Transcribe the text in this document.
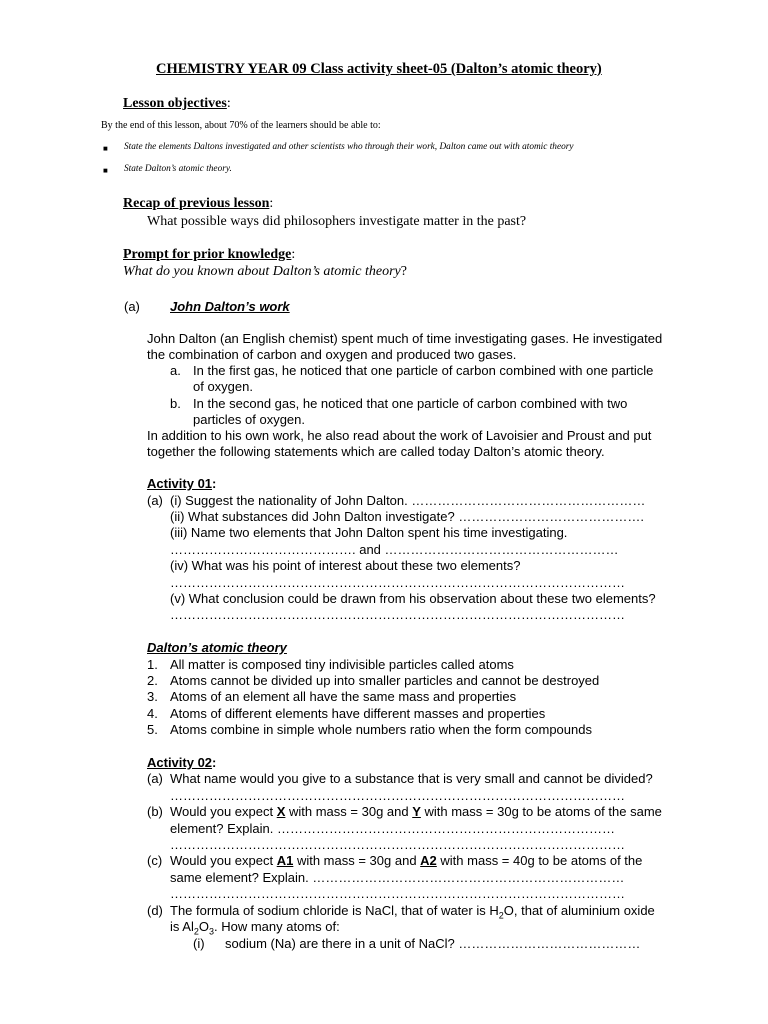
CHEMISTRY YEAR 09 Class activity sheet-05 (Dalton’s atomic theory)
Lesson objectives:
By the end of this lesson, about 70% of the learners should be able to:
■ State the elements Daltons investigated and other scientists who through their work, Dalton came out with atomic theory
■ State Dalton’s atomic theory.
Recap of previous lesson:
What possible ways did philosophers investigate matter in the past?
Prompt for prior knowledge:
What do you known about Dalton’s atomic theory?
(a) John Dalton’s work
John Dalton (an English chemist) spent much of time investigating gases. He investigated
the combination of carbon and oxygen and produced two gases.
a. In the first gas, he noticed that one particle of carbon combined with one particle
of oxygen.
b. In the second gas, he noticed that one particle of carbon combined with two
particles of oxygen.
In addition to his own work, he also read about the work of Lavoisier and Proust and put
together the following statements which are called today Dalton’s atomic theory.
Activity 01:
(a) (i) Suggest the nationality of John Dalton. ………………………………………………
(ii) What substances did John Dalton investigate? …………………………………….
(iii) Name two elements that John Dalton spent his time investigating.
……………………………………. and ………………………………………………
(iv) What was his point of interest about these two elements?
……………………………………………………………………………………………
(v) What conclusion could be drawn from his observation about these two elements?
……………………………………………………………………………………………
Dalton’s atomic theory
1. All matter is composed tiny indivisible particles called atoms
2. Atoms cannot be divided up into smaller particles and cannot be destroyed
3. Atoms of an element all have the same mass and properties
4. Atoms of different elements have different masses and properties
5. Atoms combine in simple whole numbers ratio when the form compounds
Activity 02:
(a) What name would you give to a substance that is very small and cannot be divided?
……………………………………………………………………………………………
(b) Would you expect X with mass = 30g and Y with mass = 30g to be atoms of the same
element? Explain. ……………………………………………………………………
……………………………………………………………………………………………
(c) Would you expect A1 with mass = 30g and A2 with mass = 40g to be atoms of the
same element? Explain. ………………………………………………………………
……………………………………………………………………………………………
(d) The formula of sodium chloride is NaCl, that of water is $H_2O$, that of aluminium oxide
is $Al_2O_3$. How many atoms of:
(i) sodium (Na) are there in a unit of NaCl? ……………………………………
